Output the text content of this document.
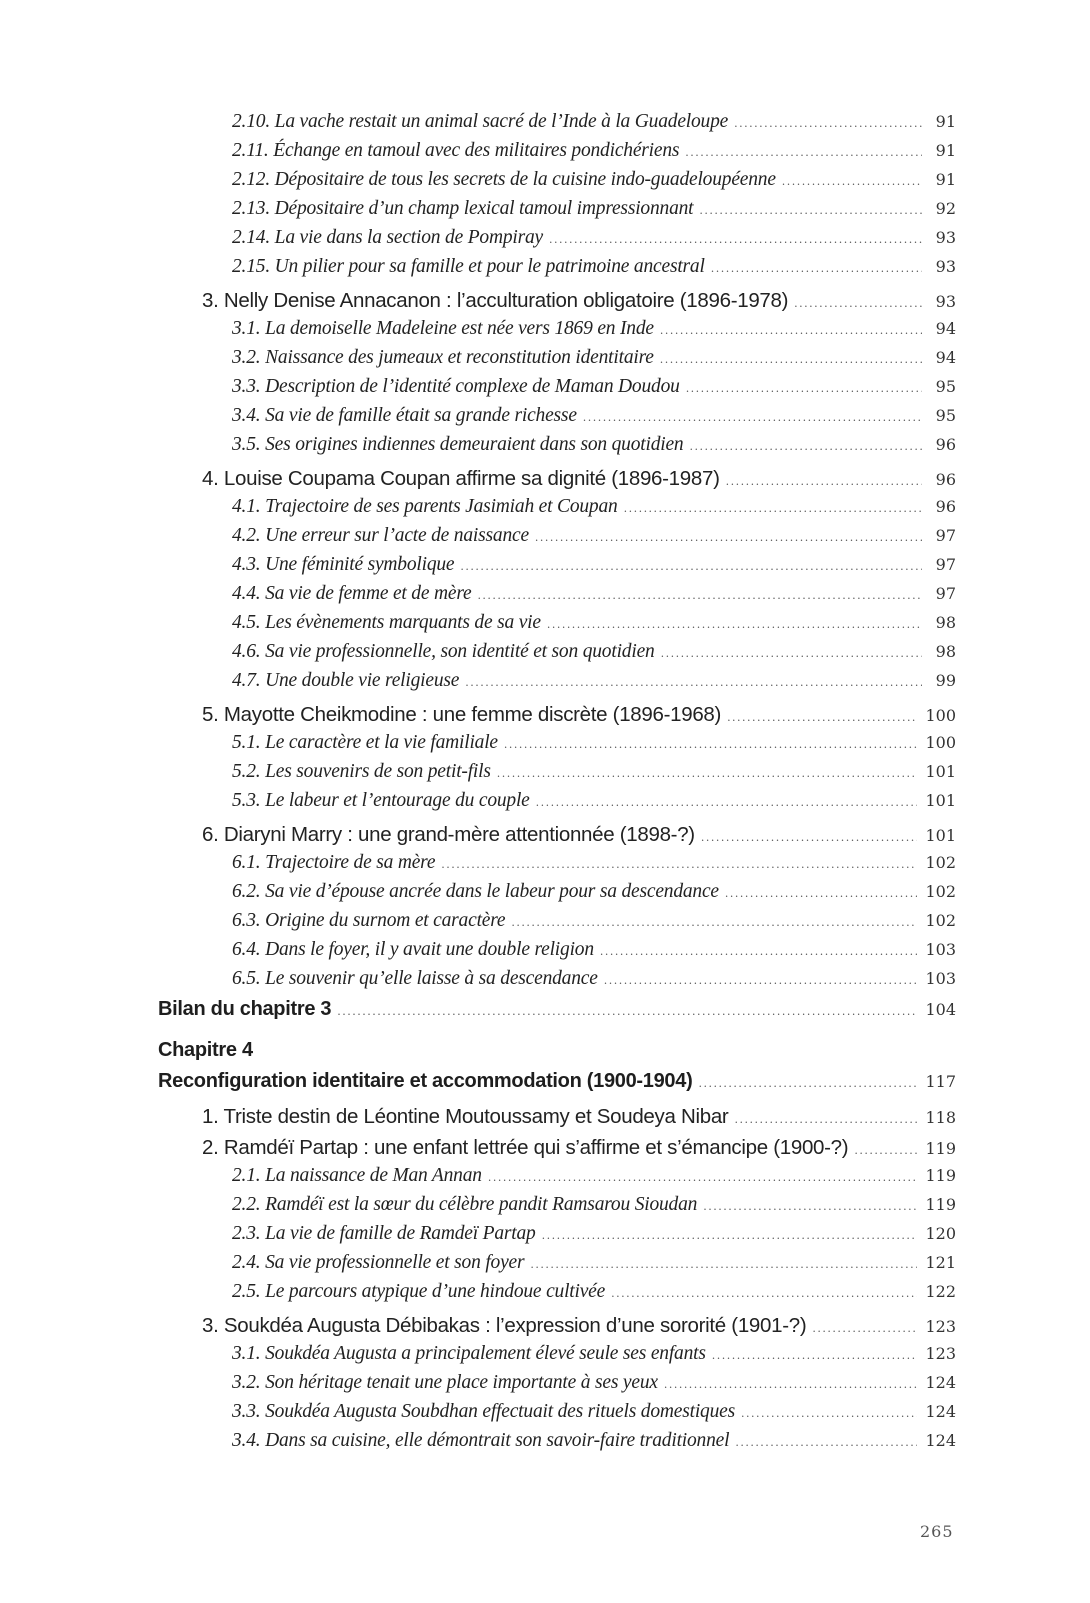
2.10. La vache restait un animal sacré de l’Inde à la Guadeloupe .....	91
2.11. Échange en tamoul avec des militaires pondichériens .....	91
2.12. Dépositaire de tous les secrets de la cuisine indo-guadeloupéenne .....	91
2.13. Dépositaire d’un champ lexical tamoul impressionnant .....	92
2.14. La vie dans la section de Pompiray .....	93
2.15. Un pilier pour sa famille et pour le patrimoine ancestral .....	93
3. Nelly Denise Annacanon : l’acculturation obligatoire (1896-1978) .....	93
3.1. La demoiselle Madeleine est née vers 1869 en Inde .....	94
3.2. Naissance des jumeaux et reconstitution identitaire .....	94
3.3. Description de l’identité complexe de Maman Doudou .....	95
3.4. Sa vie de famille était sa grande richesse .....	95
3.5. Ses origines indiennes demeuraient dans son quotidien .....	96
4. Louise Coupama Coupan affirme sa dignité (1896-1987) .....	96
4.1. Trajectoire de ses parents Jasimiah et Coupan .....	96
4.2. Une erreur sur l’acte de naissance .....	97
4.3. Une féminité symbolique .....	97
4.4. Sa vie de femme et de mère .....	97
4.5. Les évènements marquants de sa vie .....	98
4.6. Sa vie professionnelle, son identité et son quotidien .....	98
4.7. Une double vie religieuse .....	99
5. Mayotte Cheikmodine : une femme discrète (1896-1968) .....	100
5.1. Le caractère et la vie familiale .....	100
5.2. Les souvenirs de son petit-fils .....	101
5.3. Le labeur et l’entourage du couple .....	101
6. Diaryni Marry : une grand-mère attentionnée (1898-?) .....	101
6.1. Trajectoire de sa mère .....	102
6.2. Sa vie d’épouse ancrée dans le labeur pour sa descendance .....	102
6.3. Origine du surnom et caractère .....	102
6.4. Dans le foyer, il y avait une double religion .....	103
6.5. Le souvenir qu’elle laisse à sa descendance .....	103
Bilan du chapitre 3 .....	104
Chapitre 4
Reconfiguration identitaire et accommodation (1900-1904) .....	117
1. Triste destin de Léontine Moutoussamy et Soudeya Nibar .....	118
2. Ramdéï Partap : une enfant lettrée qui s’affirme et s’émancipe (1900-?) .....	119
2.1. La naissance de Man Annan .....	119
2.2. Ramdéï est la sœur du célèbre pandit Ramsarou Sioudan .....	119
2.3. La vie de famille de Ramdeï Partap .....	120
2.4. Sa vie professionnelle et son foyer .....	121
2.5. Le parcours atypique d’une hindoue cultivée .....	122
3. Soukdéa Augusta Débibakas : l’expression d’une sororité (1901-?) .....	123
3.1. Soukdéa Augusta a principalement élevé seule ses enfants .....	123
3.2. Son héritage tenait une place importante à ses yeux .....	124
3.3. Soukdéa Augusta Soubdhan effectuait des rituels domestiques .....	124
3.4. Dans sa cuisine, elle démontrait son savoir-faire traditionnel .....	124
265
